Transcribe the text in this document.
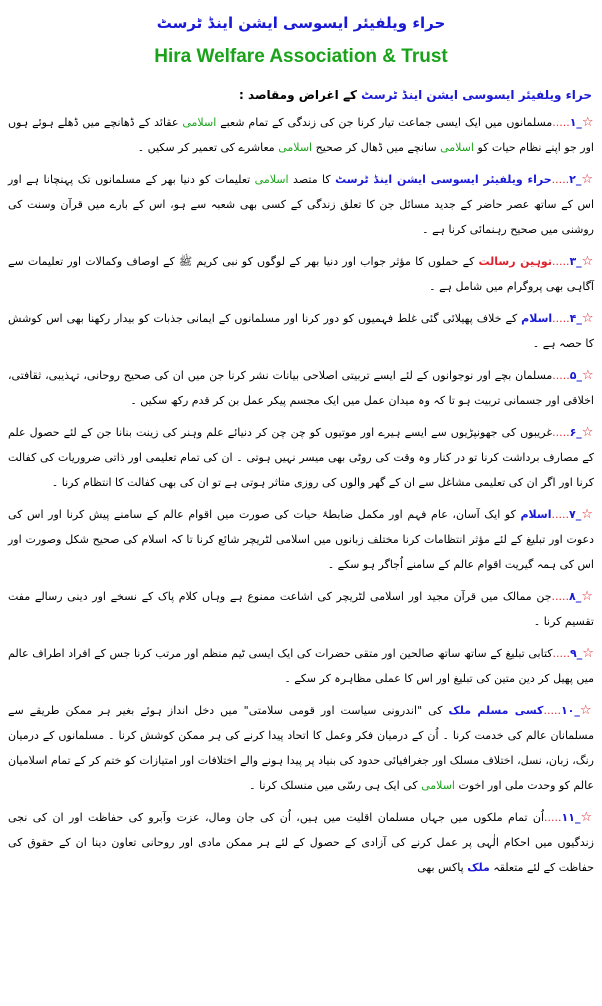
حراء ویلفیئر ایسوسی ایشن اینڈ ٹرسٹ
Hira Welfare Association & Trust
حراء ویلفیئر ایسوسی ایشن اینڈ ٹرسٹ کے اغراض ومقاصد :
☆_۱.....مسلمانوں میں ایک ایسی جماعت تیار کرنا جن کی زندگی کے تمام شعبے اسلامی عقائد کے ڈھانچے میں ڈھلے ہوئے ہوں اور جو اپنے نظام حیات کو اسلامی سانچے میں ڈھال کر صحیح اسلامی معاشرے کی تعمیر کر سکیں ۔
☆_۲.....حراء ویلفیئر ایسوسی ایشن اینڈ ٹرسٹ کا متصد اسلامی تعلیمات کو دنیا بھر کے مسلمانوں تک پہنچانا ہے اور اس کے ساتھ عصر حاضر کے جدید مسائل جن کا تعلق زندگی کے کسی بھی شعبہ سے ہو، اس کے بارے میں قرآن وسنت کی روشنی میں صحیح رہنمائی کرنا ہے ۔
☆_۳.....توہین رسالت کے حملوں کا مؤثر جواب اور دنیا بھر کے لوگوں کو نبی کریم ﷺ کے اوصاف وکمالات اور تعلیمات سے آگاہی بھی پروگرام میں شامل ہے ۔
☆_۴.....اسلام کے خلاف پھیلائی گئی غلط فہمیوں کو دور کرنا اور مسلمانوں کے ایمانی جذبات کو بیدار رکھنا بھی اس کوشش کا حصہ ہے ۔
☆_۵.....مسلمان بچے اور نوجوانوں کے لئے ایسے تربیتی اصلاحی بیانات نشر کرنا جن میں ان کی صحیح روحانی، تہذیبی، ثقافتی، اخلاقی اور جسمانی تربیت ہو تا کہ وہ میدان عمل میں ایک مجسم پیکر عمل بن کر قدم رکھ سکیں ۔
☆_۶.....غریبوں کی جھونپڑیوں سے ایسے ہیرے اور موتیوں کو چن چن کر دنیائے علم وہنر کی زینت بنانا جن کے لئے حصول علم کے مصارف برداشت کرنا تو در کنار وہ وقت کی روٹی بھی میسر نہیں ہوتی ۔ ان کی تمام تعلیمی اور ذاتی ضروریات کی کفالت کرنا اور اگر ان کی تعلیمی مشاغل سے ان کے گھر والوں کی روزی متاثر ہوتی ہے تو ان کی بھی کفالت کا انتظام کرنا ۔
☆_۷.....اسلام کو ایک آسان، عام فہم اور مکمل ضابطۂ حیات کی صورت میں اقوام عالم کے سامنے پیش کرنا اور اس کی دعوت اور تبلیغ کے لئے مؤثر انتظامات کرنا مختلف زبانوں میں اسلامی لٹریچر شائع کرنا تا کہ اسلام کی صحیح شکل وصورت اور اس کی ہمہ گیریت اقوام عالم کے سامنے اُجاگر ہو سکے ۔
☆_۸.....جن ممالک میں قرآن مجید اور اسلامی لٹریچر کی اشاعت ممنوع ہے وہاں کلام پاک کے نسخے اور دینی رسالے مفت تقسیم کرنا ۔
☆_۹.....کتابی تبلیغ کے ساتھ ساتھ صالحین اور متقی حضرات کی ایک ایسی ٹیم منظم اور مرتب کرنا جس کے افراد اطراف عالم میں پھیل کر دین متین کی تبلیغ اور اس کا عملی مظاہرہ کر سکے ۔
☆_۱۰.....کسی مسلم ملک کی "اندرونی سیاست اور قومی سلامتی" میں دخل انداز ہوئے بغیر ہر ممکن طریقے سے مسلمانان عالم کی خدمت کرنا ۔ اُن کے درمیان فکر وعمل کا اتحاد پیدا کرنے کی ہر ممکن کوشش کرنا ۔ مسلمانوں کے درمیان رنگ، زبان، نسل، اختلاف مسلک اور جغرافیائی حدود کی بنیاد پر پیدا ہونے والے اختلافات اور امتیازات کو ختم کر کے تمام اسلامیان عالم کو وحدت ملی اور اخوت اسلامی کی ایک ہی رسّی میں منسلک کرنا ۔
☆_۱۱.....اُن تمام ملکوں میں جہاں مسلمان اقلیت میں ہیں، اُن کی جان ومال، عزت وآبرو کی حفاظت اور ان کی نجی زندگیوں میں احکام الٰہی پر عمل کرنے کی آزادی کے حصول کے لئے ہر ممکن مادی اور روحانی تعاون دینا ان کے حقوق کی حفاظت کے لئے متعلقہ ملک پاکس بھی
